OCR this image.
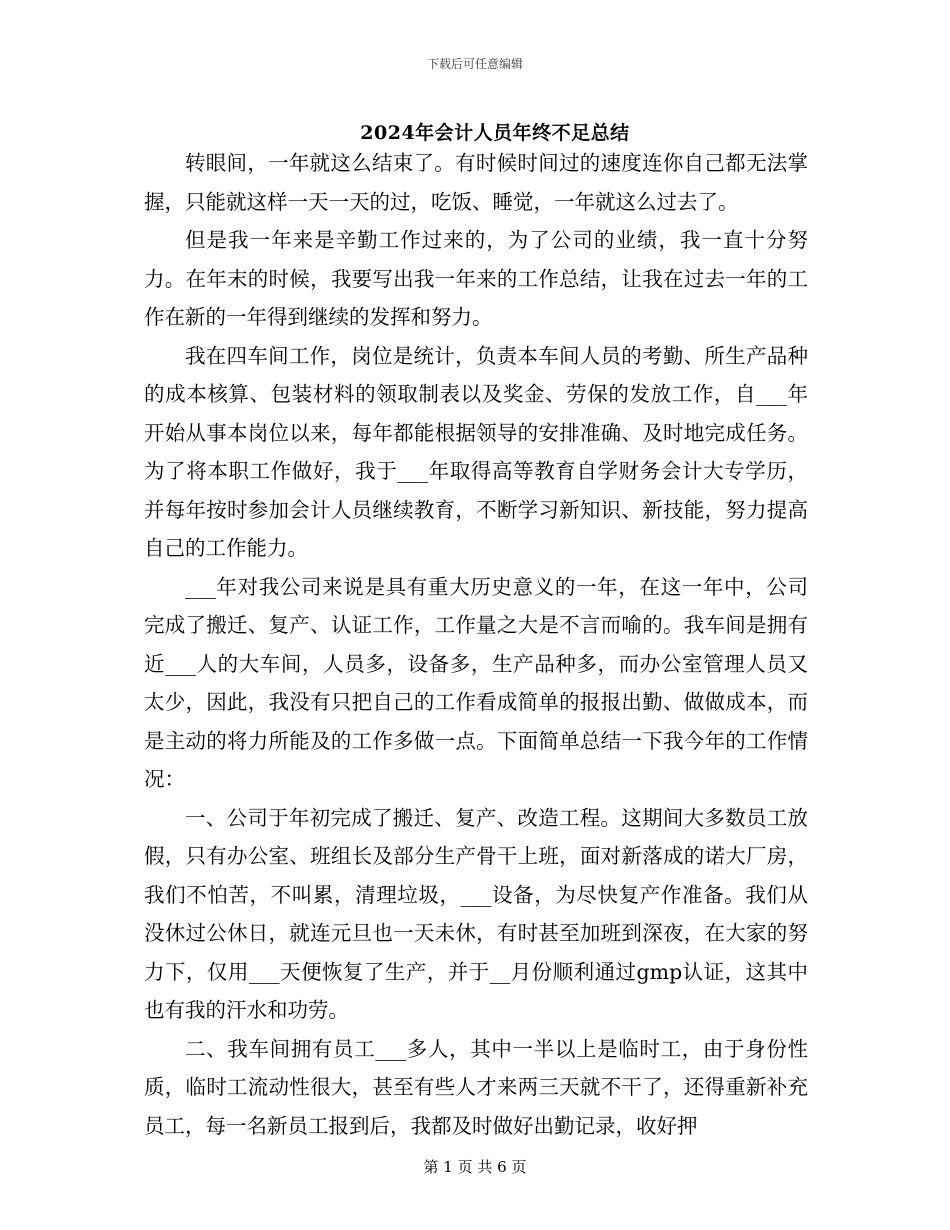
下载后可任意编辑
2024年会计人员年终不足总结

转眼间，一年就这么结束了。有时候时间过的速度连你自己都无法掌握，只能就这样一天一天的过，吃饭、睡觉，一年就这么过去了。

但是我一年来是辛勤工作过来的，为了公司的业绩，我一直十分努力。在年末的时候，我要写出我一年来的工作总结，让我在过去一年的工作在新的一年得到继续的发挥和努力。

我在四车间工作，岗位是统计，负责本车间人员的考勤、所生产品种的成本核算、包装材料的领取制表以及奖金、劳保的发放工作，自___年开始从事本岗位以来，每年都能根据领导的安排准确、及时地完成任务。为了将本职工作做好，我于___年取得高等教育自学财务会计大专学历，并每年按时参加会计人员继续教育，不断学习新知识、新技能，努力提高自己的工作能力。

___年对我公司来说是具有重大历史意义的一年，在这一年中，公司完成了搬迁、复产、认证工作，工作量之大是不言而喻的。我车间是拥有近___人的大车间，人员多，设备多，生产品种多，而办公室管理人员又太少，因此，我没有只把自己的工作看成简单的报报出勤、做做成本，而是主动的将力所能及的工作多做一点。下面简单总结一下我今年的工作情况：

一、公司于年初完成了搬迁、复产、改造工程。这期间大多数员工放假，只有办公室、班组长及部分生产骨干上班，面对新落成的诺大厂房，我们不怕苦，不叫累，清理垃圾，___设备，为尽快复产作准备。我们从没休过公休日，就连元旦也一天未休，有时甚至加班到深夜，在大家的努力下，仅用___天便恢复了生产，并于__月份顺利通过gmp认证，这其中也有我的汗水和功劳。

二、我车间拥有员工___多人，其中一半以上是临时工，由于身份性质，临时工流动性很大，甚至有些人才来两三天就不干了，还得重新补充员工，每一名新员工报到后，我都及时做好出勤记录，收好押

第 1 页 共 6 页
